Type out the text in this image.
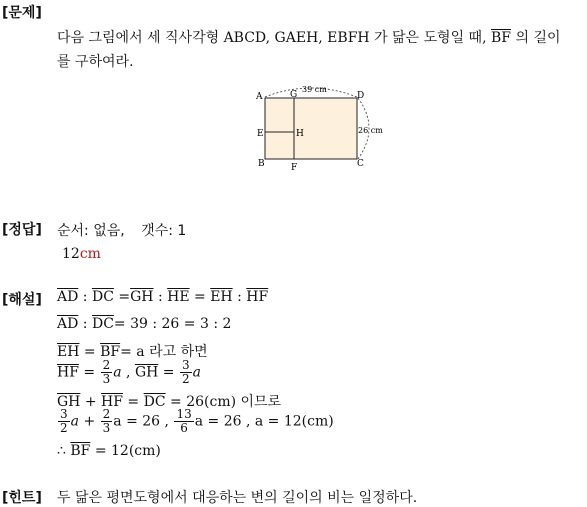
[문제]
다음 그림에서 세 직사각형 ABCD, GAEH, EBFH 가 닮은 도형일 때, $\overline{BF}$ 의 길이
를 구하여라.
A	G	D
E	H
B	F	C
39 cm
26 cm
[정답] 순서: 없음, 갯수: 1
12cm
[해설] $\overline{AD}$ : $\overline{DC} =\overline{GH}$ : $\overline{HE} = \overline{EH}$ : $\overline{HF}$
$\overline{AD}$ : $\overline{DC}= 39$ : 26 = 3 : 2
$\overline{EH} = \overline{BF}= a$ 라고 하면
$\overline{HF} = \frac{2}{3}$ a , $\overline{GH} = \frac{3}{2}$ a
$\overline{GH} + \overline{HF} = \overline{DC} = 26(cm)$ 이므로
$\frac{3}{2}$ $a + \frac{2}{3}$ a = 26 , $\frac{13}{6}$ a = 26 , a = 12(cm)
∴ $\overline{BF} = 12(cm)$
[힌트] 두 닮은 평면도형에서 대응하는 변의 길이의 비는 일정하다.
